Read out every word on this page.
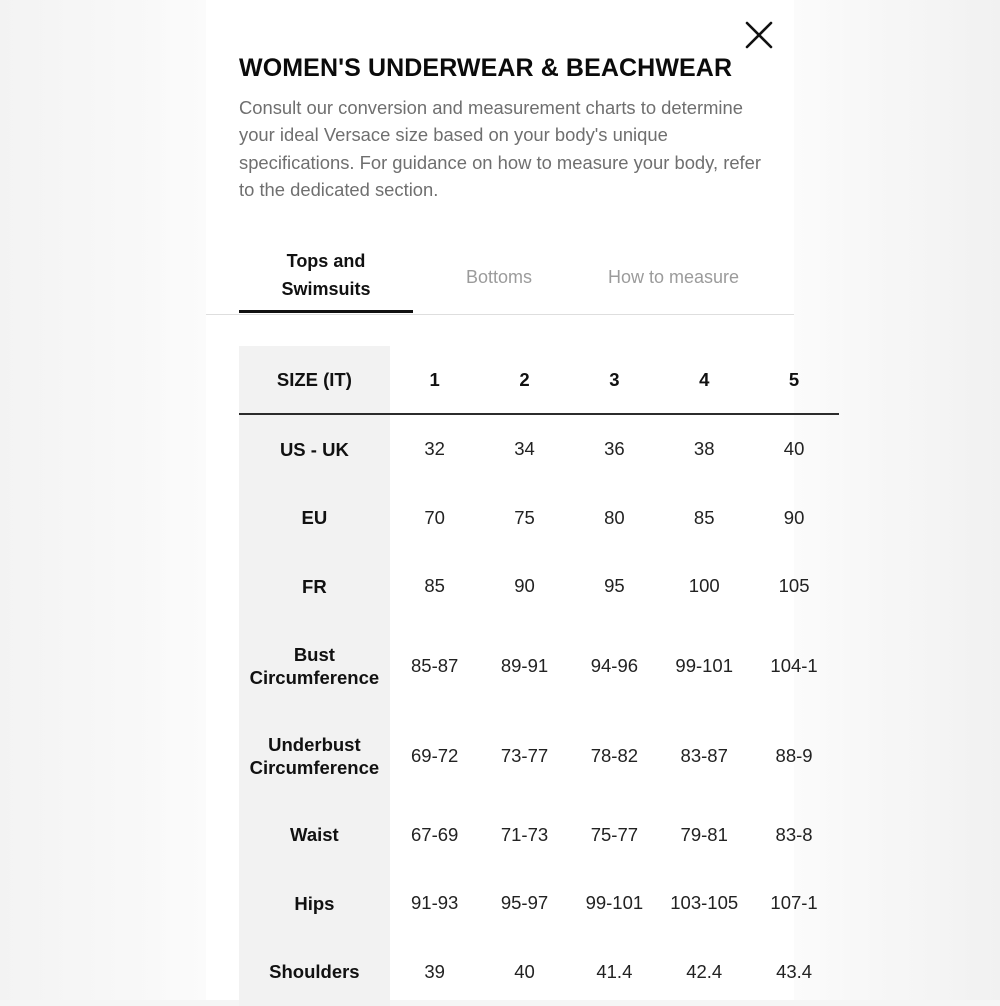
WOMEN'S UNDERWEAR & BEACHWEAR
Consult our conversion and measurement charts to determine your ideal Versace size based on your body's unique specifications. For guidance on how to measure your body, refer to the dedicated section.
Tops and Swimsuits
Bottoms	How to measure
SIZE (IT)	1	2	3	4	5
US - UK	32	34	36	38	40
EU	70	75	80	85	90
FR	85	90	95	100	105
Bust Circumference	85-87	89-91	94-96	99-101	104-1
Underbust Circumference	69-72	73-77	78-82	83-87	88-9
Waist	67-69	71-73	75-77	79-81	83-8
Hips	91-93	95-97	99-101	103-105	107-1
Shoulders	39	40	41.4	42.4	43.4
